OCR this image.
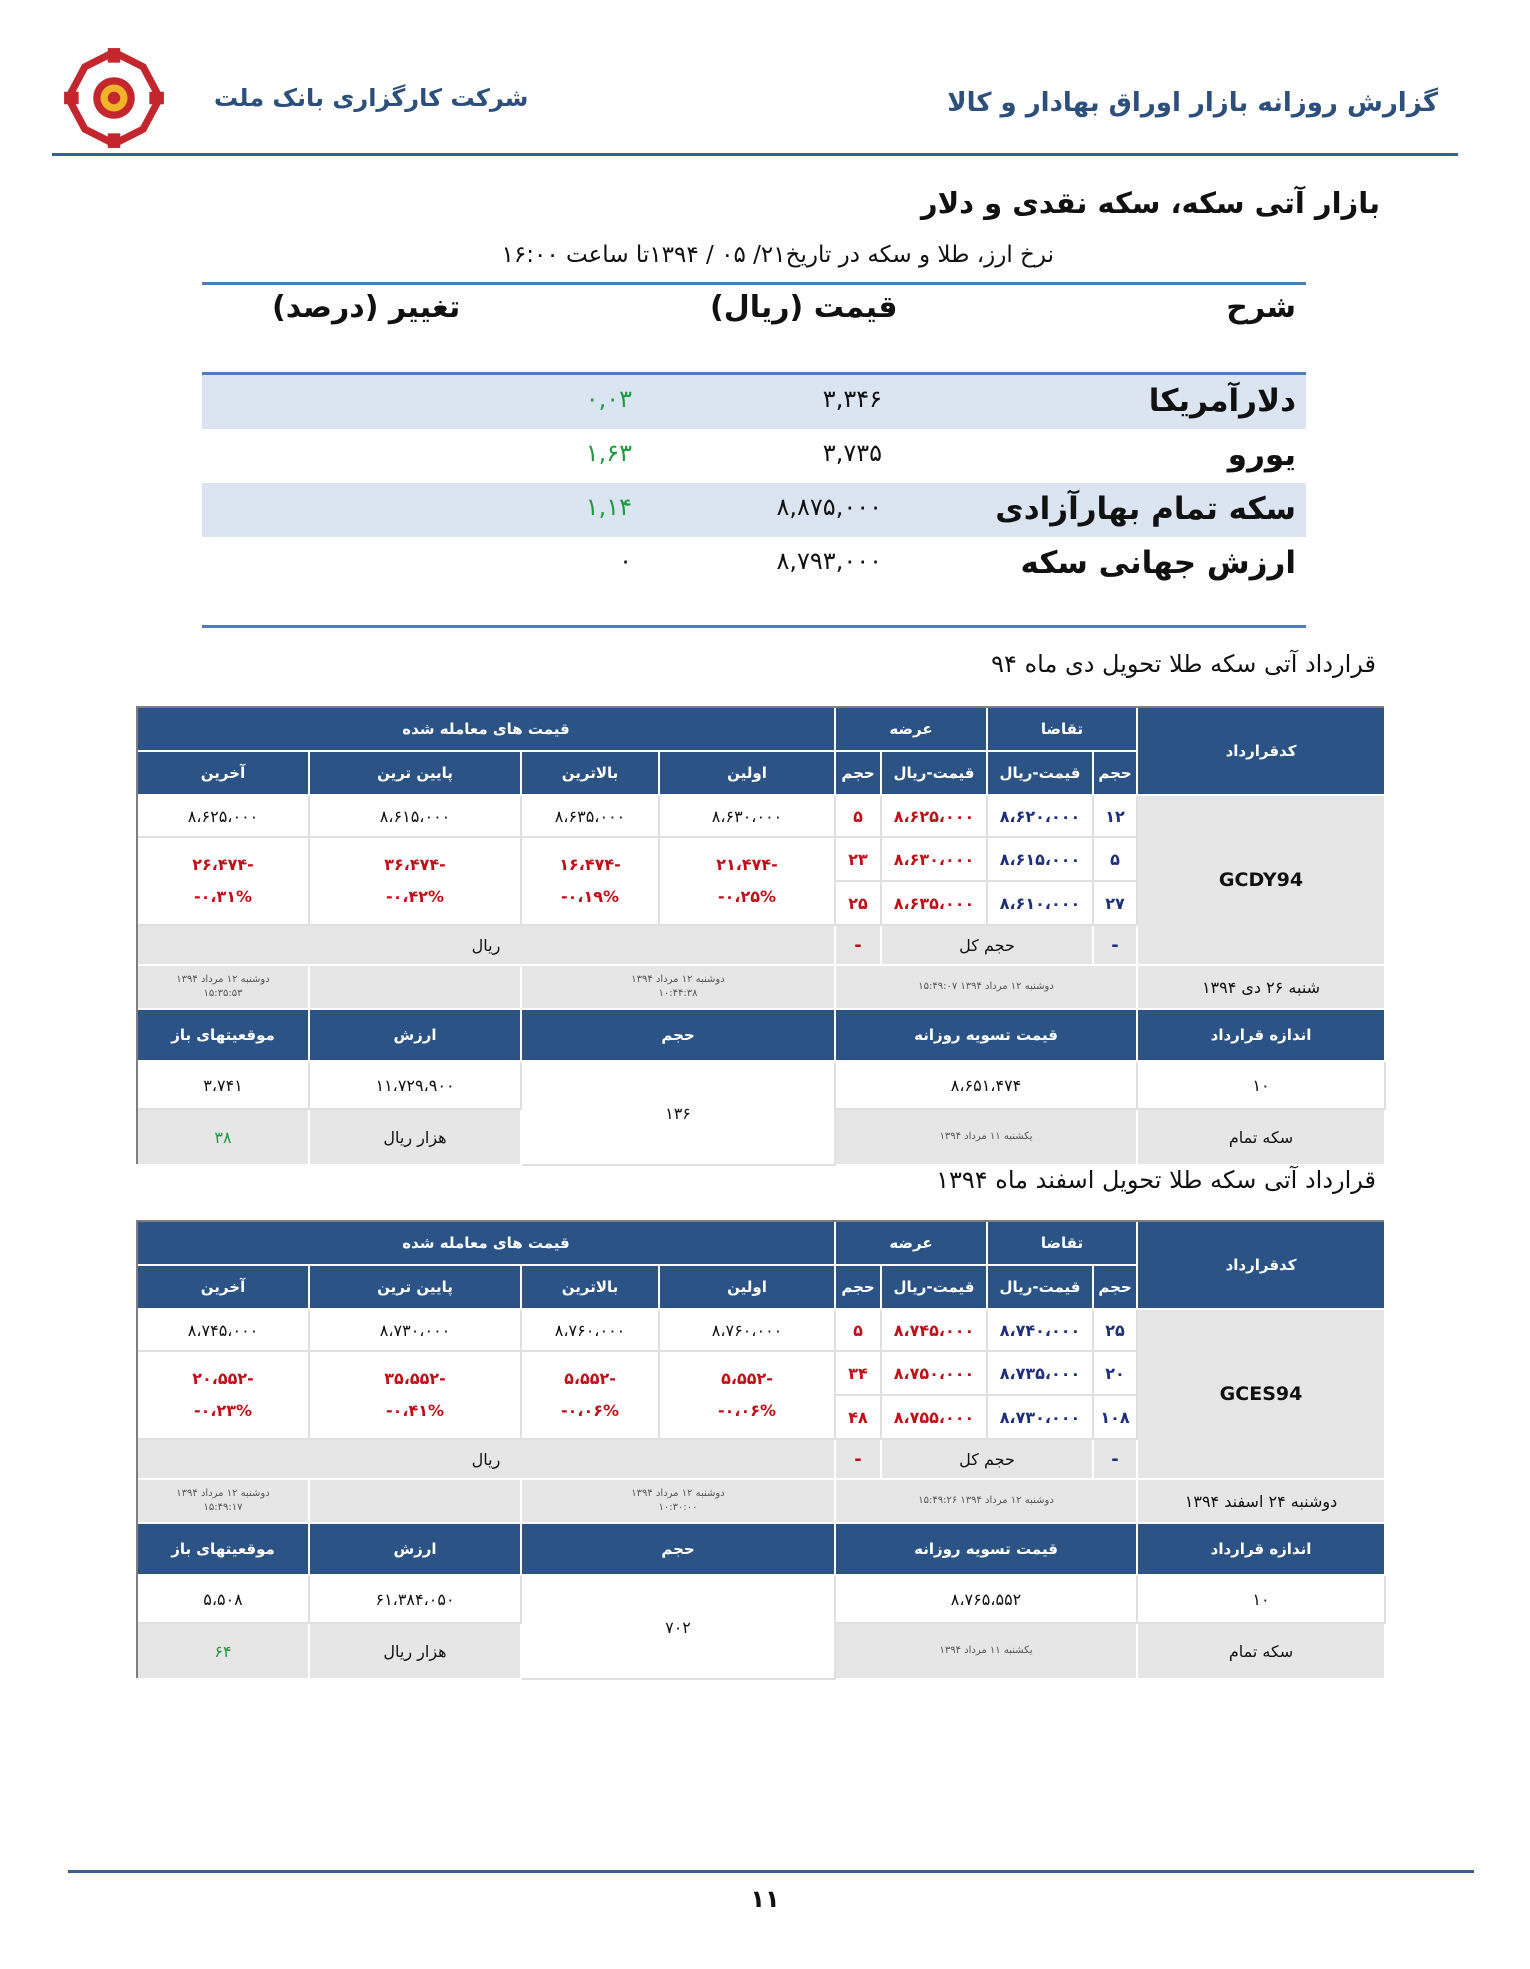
شرکت کارگزاری بانک ملت	گزارش روزانه بازار اوراق بهادار و کالا
بازار آتی سکه، سکه نقدی و دلار
نرخ ارز، طلا و سکه در تاریخ۲۱/ ۰۵ / ۱۳۹۴تا ساعت ۱۶:۰۰
شرح
قیمت (ریال)
تغییر (درصد)
دلارآمریکا
۳,۳۴۶
۰,۰۳
یورو
۳,۷۳۵
۱,۶۳
سکه تمام بهارآزادی
۸,۸۷۵,۰۰۰
۱,۱۴
ارزش جهانی سکه
۸,۷۹۳,۰۰۰
۰
قرارداد آتی سکه طلا تحویل دی ماه ۹۴
کدقرارداد
تقاضا
عرضه
قیمت های معامله شده
حجم
قیمت-ریال
قیمت-ریال
حجم
اولین
بالاترین
پایین ترین
آخرین
GCDY94
۱۲
۸،۶۲۰،۰۰۰
۸،۶۲۵،۰۰۰
۵
۵
۸،۶۱۵،۰۰۰
۸،۶۳۰،۰۰۰
۲۳
۲۷
۸،۶۱۰،۰۰۰
۸،۶۳۵،۰۰۰
۲۵
۸،۶۲۵،۰۰۰
-۲۶،۴۷۴
۰،۳۱%-
۸،۶۱۵،۰۰۰
-۳۶،۴۷۴
۰،۴۲%-
۸،۶۳۵،۰۰۰
-۱۶،۴۷۴
۰،۱۹%-
۸،۶۳۰،۰۰۰
-۲۱،۴۷۴
۰،۲۵%-
-
حجم کل
-
ریال
شنبه ۲۶ دی ۱۳۹۴
دوشنبه ۱۲ مرداد ۱۳۹۴ ۱۵:۴۹:۰۷
دوشنبه ۱۲ مرداد ۱۳۹۴
۱۰:۴۴:۳۸
دوشنبه ۱۲ مرداد ۱۳۹۴
۱۵:۳۵:۵۳
اندازه قرارداد
قیمت تسویه روزانه
حجم
ارزش
موقعیتهای باز
۱۰
۸،۶۵۱،۴۷۴
۱۳۶
۱۱،۷۲۹،۹۰۰
۳،۷۴۱
سکه تمام
یکشنبه ۱۱ مرداد ۱۳۹۴
هزار ریال
۳۸
قرارداد آتی سکه طلا تحویل اسفند ماه ۱۳۹۴
کدقرارداد
تقاضا
عرضه
قیمت های معامله شده
حجم
قیمت-ریال
قیمت-ریال
حجم
اولین
بالاترین
پایین ترین
آخرین
GCES94
۲۵
۸،۷۴۰،۰۰۰
۸،۷۴۵،۰۰۰
۵
۲۰
۸،۷۳۵،۰۰۰
۸،۷۵۰،۰۰۰
۳۴
۱۰۸
۸،۷۳۰،۰۰۰
۸،۷۵۵،۰۰۰
۴۸
۸،۷۴۵،۰۰۰
-۲۰،۵۵۲
۰،۲۳%-
۸،۷۳۰،۰۰۰
-۳۵،۵۵۲
۰،۴۱%-
۸،۷۶۰،۰۰۰
-۵،۵۵۲
۰،۰۶%-
۸،۷۶۰،۰۰۰
-۵،۵۵۲
۰،۰۶%-
-
حجم کل
-
ریال
دوشنبه ۲۴ اسفند ۱۳۹۴
دوشنبه ۱۲ مرداد ۱۳۹۴ ۱۵:۴۹:۲۶
دوشنبه ۱۲ مرداد ۱۳۹۴
۱۰:۳۰:۰۰
دوشنبه ۱۲ مرداد ۱۳۹۴
۱۵:۴۹:۱۷
اندازه قرارداد
قیمت تسویه روزانه
حجم
ارزش
موقعیتهای باز
۱۰
۸،۷۶۵،۵۵۲
۷۰۲
۶۱،۳۸۴،۰۵۰
۵،۵۰۸
سکه تمام
یکشنبه ۱۱ مرداد ۱۳۹۴
هزار ریال
۶۴
۱۱
